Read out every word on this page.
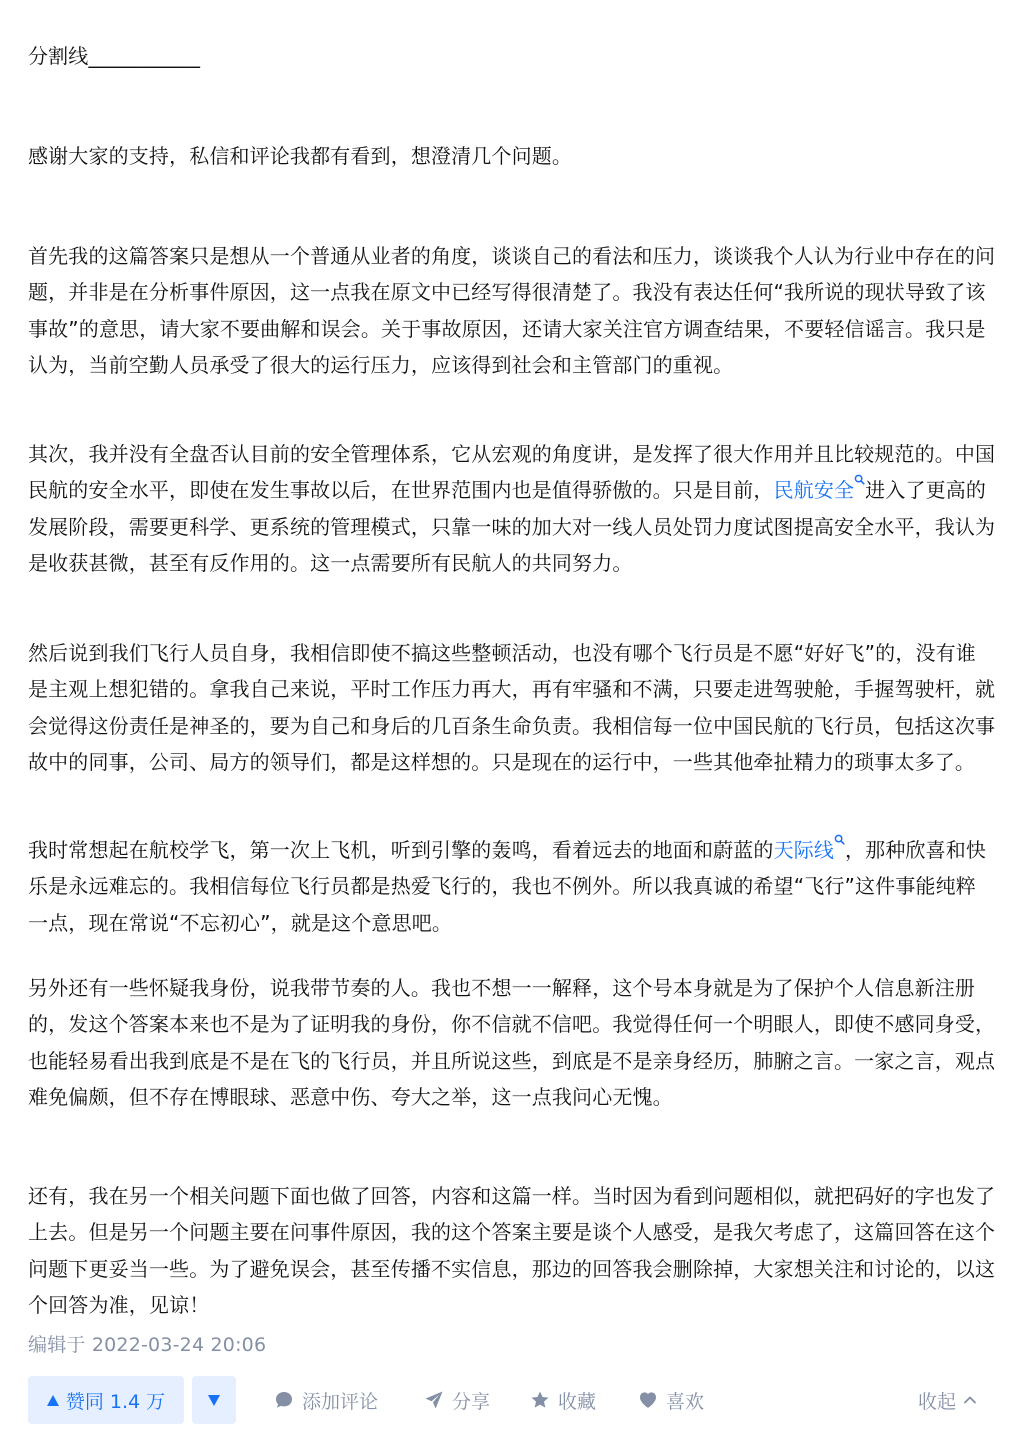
分割线___________

感谢大家的支持，私信和评论我都有看到，想澄清几个问题。

首先我的这篇答案只是想从一个普通从业者的角度，谈谈自己的看法和压力，谈谈我个人认为行业中存在的问题，并非是在分析事件原因，这一点我在原文中已经写得很清楚了。我没有表达任何“我所说的现状导致了该事故”的意思，请大家不要曲解和误会。关于事故原因，还请大家关注官方调查结果，不要轻信谣言。我只是认为，当前空勤人员承受了很大的运行压力，应该得到社会和主管部门的重视。

其次，我并没有全盘否认目前的安全管理体系，它从宏观的角度讲，是发挥了很大作用并且比较规范的。中国民航的安全水平，即使在发生事故以后，在世界范围内也是值得骄傲的。只是目前，民航安全 进入了更高的发展阶段，需要更科学、更系统的管理模式，只靠一味的加大对一线人员处罚力度试图提高安全水平，我认为是收获甚微，甚至有反作用的。这一点需要所有民航人的共同努力。

然后说到我们飞行人员自身，我相信即使不搞这些整顿活动，也没有哪个飞行员是不愿“好好飞”的，没有谁是主观上想犯错的。拿我自己来说，平时工作压力再大，再有牢骚和不满，只要走进驾驶舱，手握驾驶杆，就会觉得这份责任是神圣的，要为自己和身后的几百条生命负责。我相信每一位中国民航的飞行员，包括这次事故中的同事，公司、局方的领导们，都是这样想的。只是现在的运行中，一些其他牵扯精力的琐事太多了。

我时常想起在航校学飞，第一次上飞机，听到引擎的轰鸣，看着远去的地面和蔚蓝的天际线 ，那种欣喜和快乐是永远难忘的。我相信每位飞行员都是热爱飞行的，我也不例外。所以我真诚的希望“飞行”这件事能纯粹一点，现在常说“不忘初心”，就是这个意思吧。

另外还有一些怀疑我身份，说我带节奏的人。我也不想一一解释，这个号本身就是为了保护个人信息新注册的，发这个答案本来也不是为了证明我的身份，你不信就不信吧。我觉得任何一个明眼人，即使不感同身受，也能轻易看出我到底是不是在飞的飞行员，并且所说这些，到底是不是亲身经历，肺腑之言。一家之言，观点难免偏颇，但不存在博眼球、恶意中伤、夸大之举，这一点我问心无愧。

还有，我在另一个相关问题下面也做了回答，内容和这篇一样。当时因为看到问题相似，就把码好的字也发了上去。但是另一个问题主要在问事件原因，我的这个答案主要是谈个人感受，是我欠考虑了，这篇回答在这个问题下更妥当一些。为了避免误会，甚至传播不实信息，那边的回答我会删除掉，大家想关注和讨论的，以这个回答为准，见谅！

编辑于 2022-03-24 20:06
赞同 1.4 万	添加评论	分享	收藏	喜欢	收起
